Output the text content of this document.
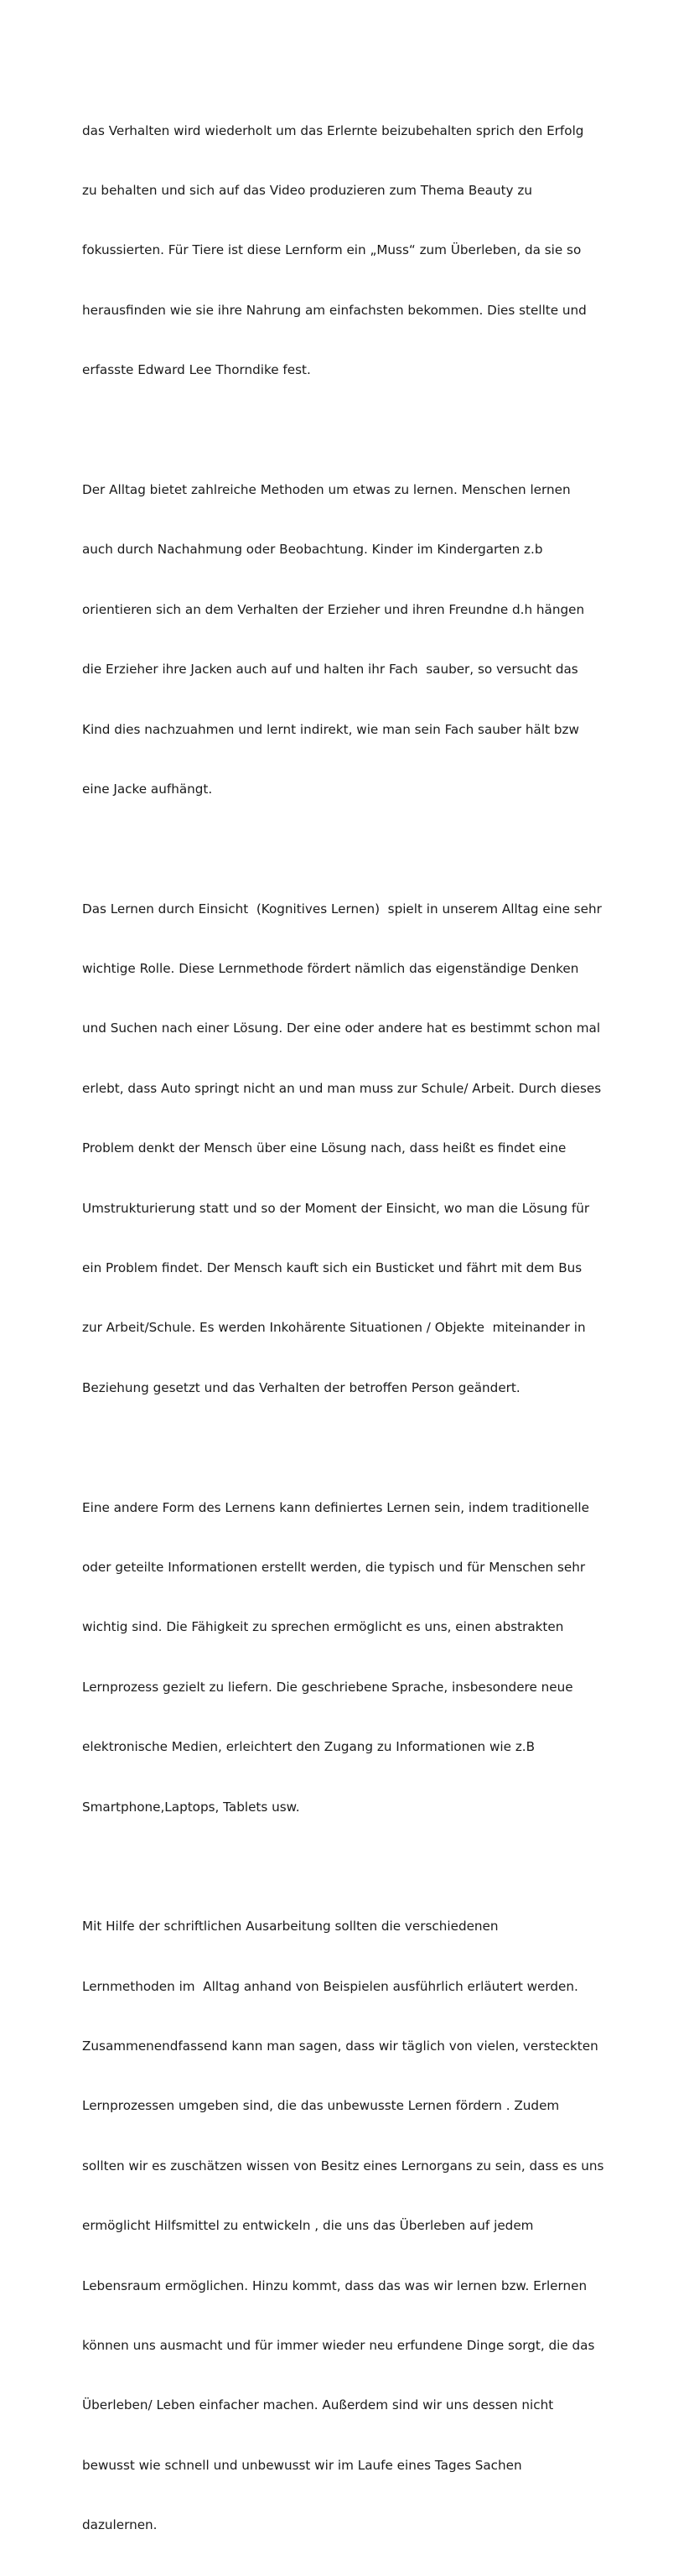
das Verhalten wird wiederholt um das Erlernte beizubehalten sprich den Erfolg

zu behalten und sich auf das Video produzieren zum Thema Beauty zu

fokussierten. Für Tiere ist diese Lernform ein „Muss“ zum Überleben, da sie so

herausfinden wie sie ihre Nahrung am einfachsten bekommen. Dies stellte und

erfasste Edward Lee Thorndike fest.

Der Alltag bietet zahlreiche Methoden um etwas zu lernen. Menschen lernen

auch durch Nachahmung oder Beobachtung. Kinder im Kindergarten z.b

orientieren sich an dem Verhalten der Erzieher und ihren Freundne d.h hängen

die Erzieher ihre Jacken auch auf und halten ihr Fach  sauber, so versucht das

Kind dies nachzuahmen und lernt indirekt, wie man sein Fach sauber hält bzw

eine Jacke aufhängt.

Das Lernen durch Einsicht  (Kognitives Lernen)  spielt in unserem Alltag eine sehr

wichtige Rolle. Diese Lernmethode fördert nämlich das eigenständige Denken

und Suchen nach einer Lösung. Der eine oder andere hat es bestimmt schon mal

erlebt, dass Auto springt nicht an und man muss zur Schule/ Arbeit. Durch dieses

Problem denkt der Mensch über eine Lösung nach, dass heißt es findet eine

Umstrukturierung statt und so der Moment der Einsicht, wo man die Lösung für

ein Problem findet. Der Mensch kauft sich ein Busticket und fährt mit dem Bus

zur Arbeit/Schule. Es werden Inkohärente Situationen / Objekte  miteinander in

Beziehung gesetzt und das Verhalten der betroffen Person geändert.

Eine andere Form des Lernens kann definiertes Lernen sein, indem traditionelle

oder geteilte Informationen erstellt werden, die typisch und für Menschen sehr

wichtig sind. Die Fähigkeit zu sprechen ermöglicht es uns, einen abstrakten

Lernprozess gezielt zu liefern. Die geschriebene Sprache, insbesondere neue

elektronische Medien, erleichtert den Zugang zu Informationen wie z.B

Smartphone,Laptops, Tablets usw.

Mit Hilfe der schriftlichen Ausarbeitung sollten die verschiedenen

Lernmethoden im  Alltag anhand von Beispielen ausführlich erläutert werden.

Zusammenendfassend kann man sagen, dass wir täglich von vielen, versteckten

Lernprozessen umgeben sind, die das unbewusste Lernen fördern . Zudem

sollten wir es zuschätzen wissen von Besitz eines Lernorgans zu sein, dass es uns

ermöglicht Hilfsmittel zu entwickeln , die uns das Überleben auf jedem

Lebensraum ermöglichen. Hinzu kommt, dass das was wir lernen bzw. Erlernen

können uns ausmacht und für immer wieder neu erfundene Dinge sorgt, die das

Überleben/ Leben einfacher machen. Außerdem sind wir uns dessen nicht

bewusst wie schnell und unbewusst wir im Laufe eines Tages Sachen

dazulernen.
